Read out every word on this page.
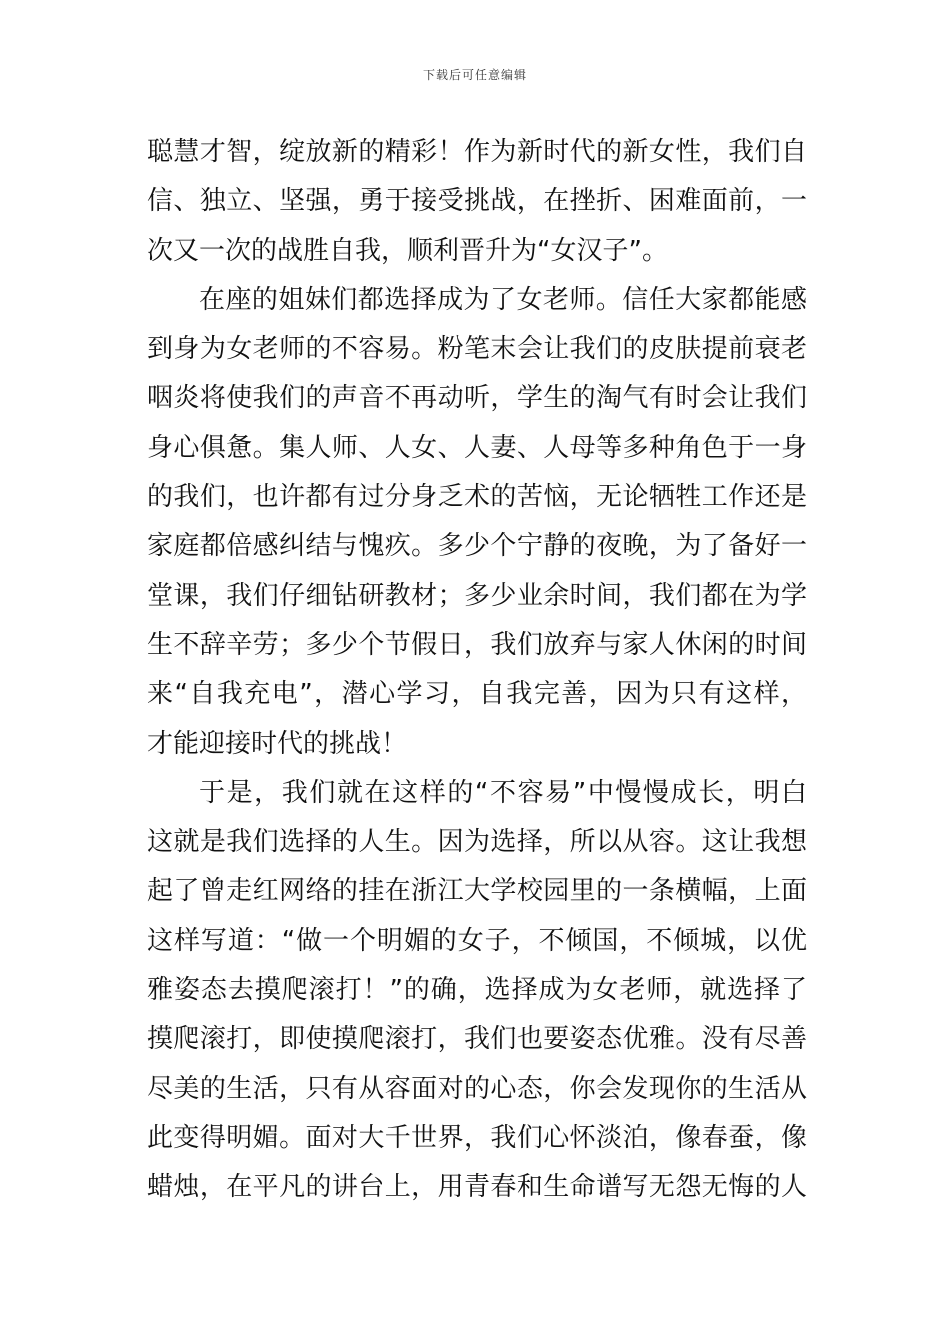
下载后可任意编辑
聪慧才智，绽放新的精彩！作为新时代的新女性，我们自
信、独立、坚强，勇于接受挑战，在挫折、困难面前，一
次又一次的战胜自我，顺利晋升为“女汉子”。
在座的姐妹们都选择成为了女老师。信任大家都能感
到身为女老师的不容易。粉笔末会让我们的皮肤提前衰老
咽炎将使我们的声音不再动听，学生的淘气有时会让我们
身心俱惫。集人师、人女、人妻、人母等多种角色于一身
的我们，也许都有过分身乏术的苦恼，无论牺牲工作还是
家庭都倍感纠结与愧疚。多少个宁静的夜晚，为了备好一
堂课，我们仔细钻研教材；多少业余时间，我们都在为学
生不辞辛劳；多少个节假日，我们放弃与家人休闲的时间
来“自我充电”，潜心学习，自我完善，因为只有这样，
才能迎接时代的挑战！
于是，我们就在这样的“不容易”中慢慢成长，明白
这就是我们选择的人生。因为选择，所以从容。这让我想
起了曾走红网络的挂在浙江大学校园里的一条横幅，上面
这样写道：“做一个明媚的女子，不倾国，不倾城，以优
雅姿态去摸爬滚打！”的确，选择成为女老师，就选择了
摸爬滚打，即使摸爬滚打，我们也要姿态优雅。没有尽善
尽美的生活，只有从容面对的心态，你会发现你的生活从
此变得明媚。面对大千世界，我们心怀淡泊，像春蚕，像
蜡烛，在平凡的讲台上，用青春和生命谱写无怨无悔的人
